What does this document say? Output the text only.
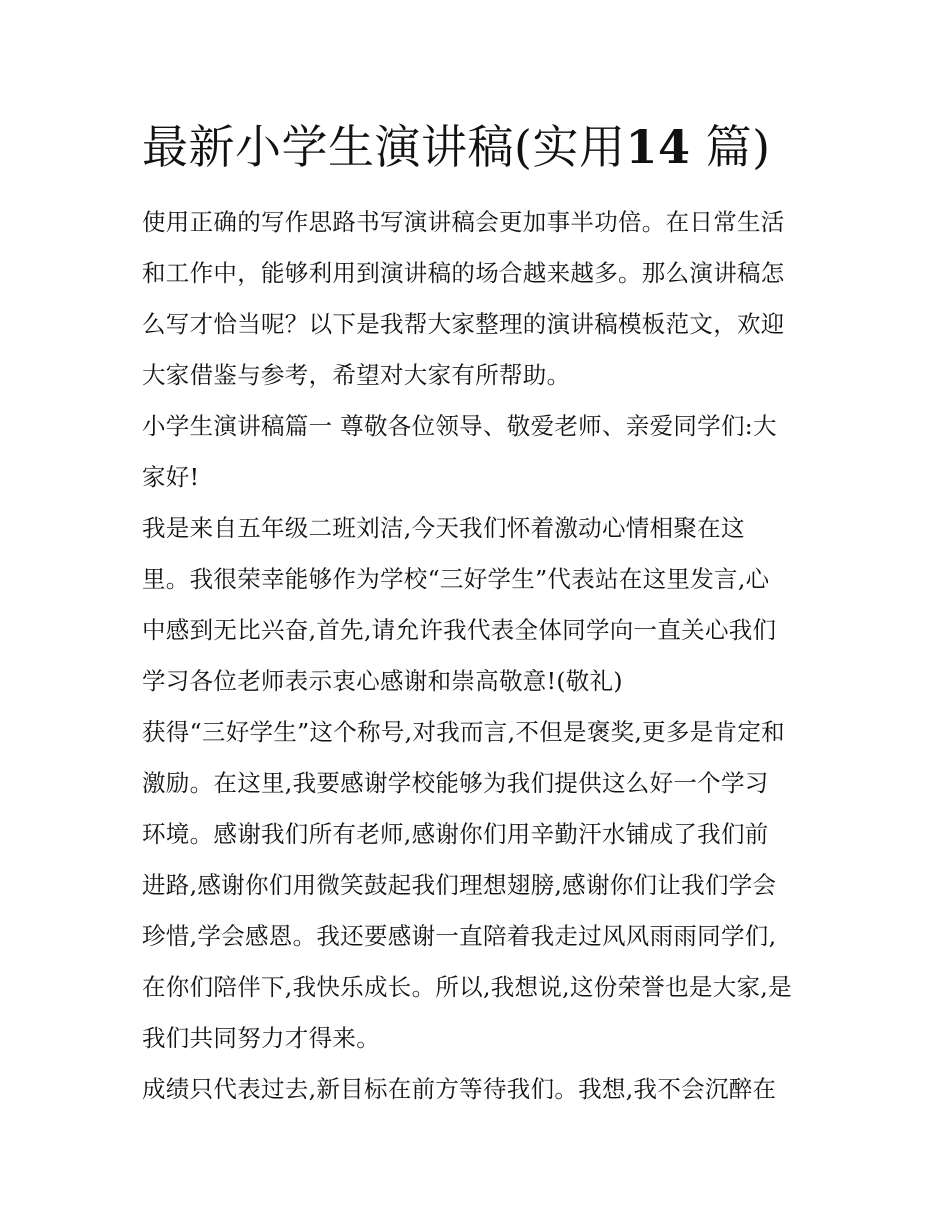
最新小学生演讲稿(实用14 篇)

使用正确的写作思路书写演讲稿会更加事半功倍。在日常生活

和工作中，能够利用到演讲稿的场合越来越多。那么演讲稿怎

么写才恰当呢？以下是我帮大家整理的演讲稿模板范文，欢迎

大家借鉴与参考，希望对大家有所帮助。

小学生演讲稿篇一 尊敬各位领导、敬爱老师、亲爱同学们:大

家好!

我是来自五年级二班刘洁,今天我们怀着激动心情相聚在这

里。我很荣幸能够作为学校“三好学生”代表站在这里发言,心

中感到无比兴奋,首先,请允许我代表全体同学向一直关心我们

学习各位老师表示衷心感谢和崇高敬意!(敬礼)

获得“三好学生”这个称号,对我而言,不但是褒奖,更多是肯定和

激励。在这里,我要感谢学校能够为我们提供这么好一个学习

环境。感谢我们所有老师,感谢你们用辛勤汗水铺成了我们前

进路,感谢你们用微笑鼓起我们理想翅膀,感谢你们让我们学会

珍惜,学会感恩。我还要感谢一直陪着我走过风风雨雨同学们,

在你们陪伴下,我快乐成长。所以,我想说,这份荣誉也是大家,是

我们共同努力才得来。

成绩只代表过去,新目标在前方等待我们。我想,我不会沉醉在
